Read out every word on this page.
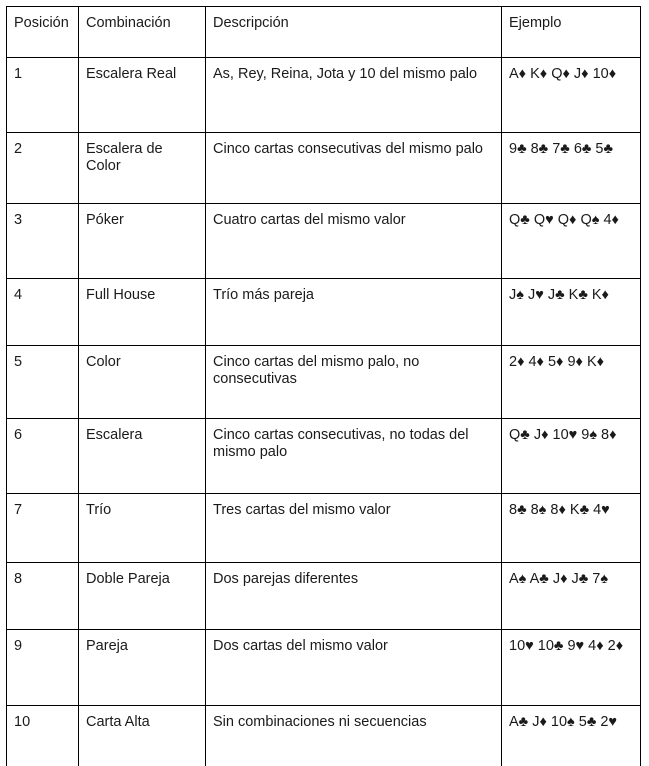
Posición	Combinación	Descripción	Ejemplo
1	Escalera Real	As, Rey, Reina, Jota y 10 del mismo palo	A♦ K♦ Q♦ J♦ 10♦
2	Escalera de Color	Cinco cartas consecutivas del mismo palo	9♣ 8♣ 7♣ 6♣ 5♣
3	Póker	Cuatro cartas del mismo valor	Q♣ Q♥ Q♦ Q♠ 4♦
4	Full House	Trío más pareja	J♠ J♥ J♣ K♣ K♦
5	Color	Cinco cartas del mismo palo, no consecutivas	2♦ 4♦ 5♦ 9♦ K♦
6	Escalera	Cinco cartas consecutivas, no todas del mismo palo	Q♣ J♦ 10♥ 9♠ 8♦
7	Trío	Tres cartas del mismo valor	8♣ 8♠ 8♦ K♣ 4♥
8	Doble Pareja	Dos parejas diferentes	A♠ A♣ J♦ J♣ 7♠
9	Pareja	Dos cartas del mismo valor	10♥ 10♣ 9♥ 4♦ 2♦
10	Carta Alta	Sin combinaciones ni secuencias	A♣ J♦ 10♠ 5♣ 2♥
